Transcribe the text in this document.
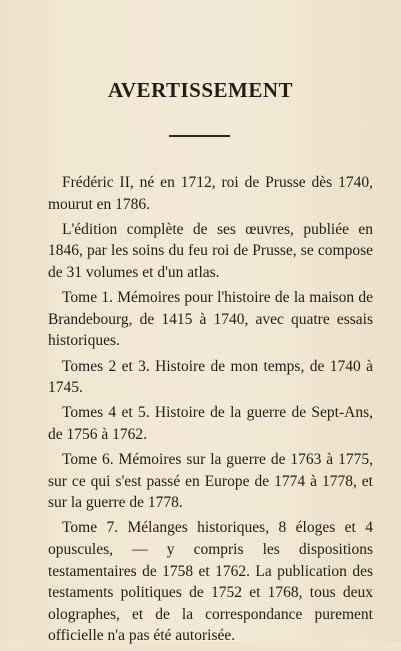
AVERTISSEMENT

Frédéric II, né en 1712, roi de Prusse dès 1740, mourut en 1786.

L'édition complète de ses œuvres, publiée en 1846, par les soins du feu roi de Prusse, se compose de 31 volumes et d'un atlas.

Tome 1. Mémoires pour l'histoire de la maison de Brandebourg, de 1415 à 1740, avec quatre essais historiques.

Tomes 2 et 3. Histoire de mon temps, de 1740 à 1745.

Tomes 4 et 5. Histoire de la guerre de Sept-Ans, de 1756 à 1762.

Tome 6. Mémoires sur la guerre de 1763 à 1775, sur ce qui s'est passé en Europe de 1774 à 1778, et sur la guerre de 1778.

Tome 7. Mélanges historiques, 8 éloges et 4 opuscules, — y compris les dispositions testamentaires de 1758 et 1762. La publication des testaments politiques de 1752 et 1768, tous deux olographes, et de la correspondance purement officielle n'a pas été autorisée.
